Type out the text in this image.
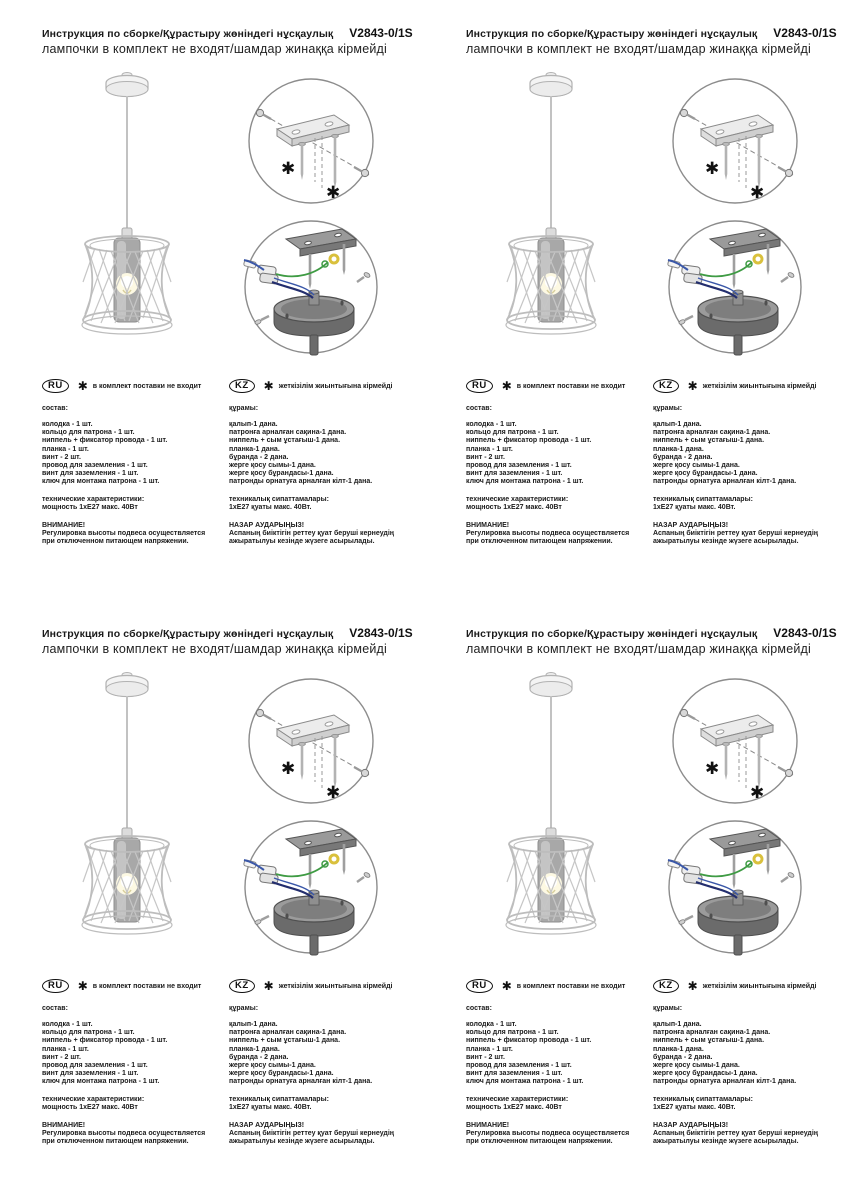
Инструкция по сборке/Құрастыру жөніндегі нұсқаулық V2843-0/1S
лампочки в комплект не входят/шамдар жинаққа кірмейді
✱
✱
RU	✱ в комплект поставки не входит
состав:
колодка - 1 шт.
кольцо для патрона - 1 шт.
ниппель + фиксатор провода - 1 шт.
планка - 1 шт.
винт - 2 шт.
провод для заземления - 1 шт.
винт для заземления - 1 шт.
ключ для монтажа патрона - 1 шт.
технические характеристики:
мощность 1хЕ27 макс. 40Вт
ВНИМАНИЕ!
Регулировка высоты подвеса осуществляется при отключенном питающем напряжении.
KZ	✱ жеткізілім жиынтығына кірмейді
құрамы:
қалып-1 дана.
патронға арналған сақина-1 дана.
ниппель + сым ұстағыш-1 дана.
планка-1 дана.
бұранда - 2 дана.
жерге қосу сымы-1 дана.
жерге қосу бұрандасы-1 дана.
патронды орнатуға арналған кілт-1 дана.
техникалық сипаттамалары:
1хЕ27 қуаты макс. 40Вт.
НАЗАР АУДАРЫҢЫЗ!
Аспаның биіктігін реттеу қуат беруші кернеудің ажыратылуы кезінде жүзеге асырылады.
Инструкция по сборке/Құрастыру жөніндегі нұсқаулық V2843-0/1S
лампочки в комплект не входят/шамдар жинаққа кірмейді
✱
✱
RU	✱ в комплект поставки не входит
состав:
колодка - 1 шт.
кольцо для патрона - 1 шт.
ниппель + фиксатор провода - 1 шт.
планка - 1 шт.
винт - 2 шт.
провод для заземления - 1 шт.
винт для заземления - 1 шт.
ключ для монтажа патрона - 1 шт.
технические характеристики:
мощность 1хЕ27 макс. 40Вт
ВНИМАНИЕ!
Регулировка высоты подвеса осуществляется при отключенном питающем напряжении.
KZ	✱ жеткізілім жиынтығына кірмейді
құрамы:
қалып-1 дана.
патронға арналған сақина-1 дана.
ниппель + сым ұстағыш-1 дана.
планка-1 дана.
бұранда - 2 дана.
жерге қосу сымы-1 дана.
жерге қосу бұрандасы-1 дана.
патронды орнатуға арналған кілт-1 дана.
техникалық сипаттамалары:
1хЕ27 қуаты макс. 40Вт.
НАЗАР АУДАРЫҢЫЗ!
Аспаның биіктігін реттеу қуат беруші кернеудің ажыратылуы кезінде жүзеге асырылады.
Инструкция по сборке/Құрастыру жөніндегі нұсқаулық V2843-0/1S
лампочки в комплект не входят/шамдар жинаққа кірмейді
✱
✱
RU	✱ в комплект поставки не входит
состав:
колодка - 1 шт.
кольцо для патрона - 1 шт.
ниппель + фиксатор провода - 1 шт.
планка - 1 шт.
винт - 2 шт.
провод для заземления - 1 шт.
винт для заземления - 1 шт.
ключ для монтажа патрона - 1 шт.
технические характеристики:
мощность 1хЕ27 макс. 40Вт
ВНИМАНИЕ!
Регулировка высоты подвеса осуществляется при отключенном питающем напряжении.
KZ	✱ жеткізілім жиынтығына кірмейді
құрамы:
қалып-1 дана.
патронға арналған сақина-1 дана.
ниппель + сым ұстағыш-1 дана.
планка-1 дана.
бұранда - 2 дана.
жерге қосу сымы-1 дана.
жерге қосу бұрандасы-1 дана.
патронды орнатуға арналған кілт-1 дана.
техникалық сипаттамалары:
1хЕ27 қуаты макс. 40Вт.
НАЗАР АУДАРЫҢЫЗ!
Аспаның биіктігін реттеу қуат беруші кернеудің ажыратылуы кезінде жүзеге асырылады.
Инструкция по сборке/Құрастыру жөніндегі нұсқаулық V2843-0/1S
лампочки в комплект не входят/шамдар жинаққа кірмейді
✱
✱
RU	✱ в комплект поставки не входит
состав:
колодка - 1 шт.
кольцо для патрона - 1 шт.
ниппель + фиксатор провода - 1 шт.
планка - 1 шт.
винт - 2 шт.
провод для заземления - 1 шт.
винт для заземления - 1 шт.
ключ для монтажа патрона - 1 шт.
технические характеристики:
мощность 1хЕ27 макс. 40Вт
ВНИМАНИЕ!
Регулировка высоты подвеса осуществляется при отключенном питающем напряжении.
KZ	✱ жеткізілім жиынтығына кірмейді
құрамы:
қалып-1 дана.
патронға арналған сақина-1 дана.
ниппель + сым ұстағыш-1 дана.
планка-1 дана.
бұранда - 2 дана.
жерге қосу сымы-1 дана.
жерге қосу бұрандасы-1 дана.
патронды орнатуға арналған кілт-1 дана.
техникалық сипаттамалары:
1хЕ27 қуаты макс. 40Вт.
НАЗАР АУДАРЫҢЫЗ!
Аспаның биіктігін реттеу қуат беруші кернеудің ажыратылуы кезінде жүзеге асырылады.
